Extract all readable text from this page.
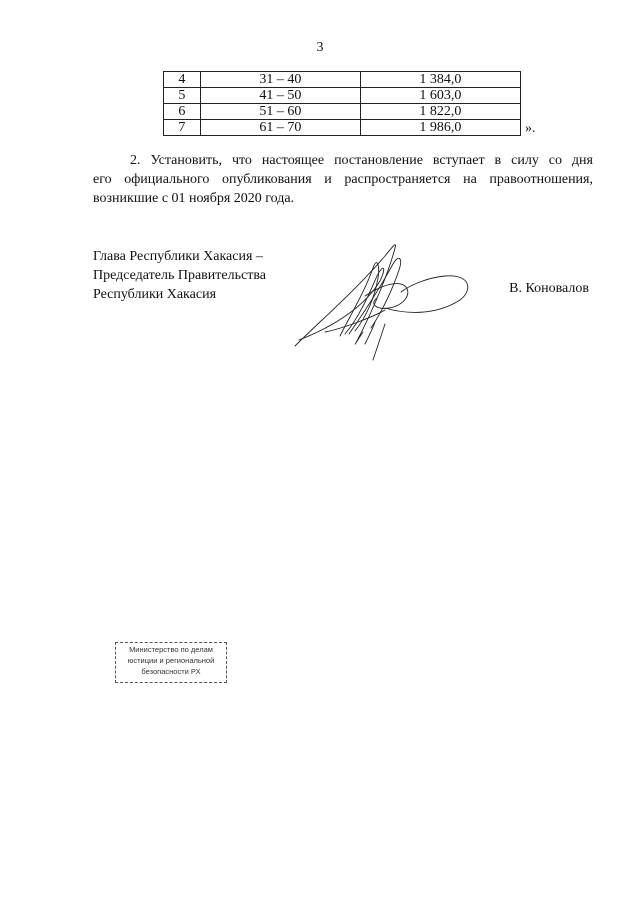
3
4	31 – 40	1 384,0
5	41 – 50	1 603,0
6	51 – 60	1 822,0
7	61 – 70	1 986,0	».
2. Установить, что настоящее постановление вступает в силу со дня
его официального опубликования и распространяется на правоотношения,
возникшие с 01 ноября 2020 года.
Глава Республики Хакасия –
Председатель Правительства
Республики Хакасия	В. Коновалов
Министерство по делам
юстиции и региональной
безопасности РХ
